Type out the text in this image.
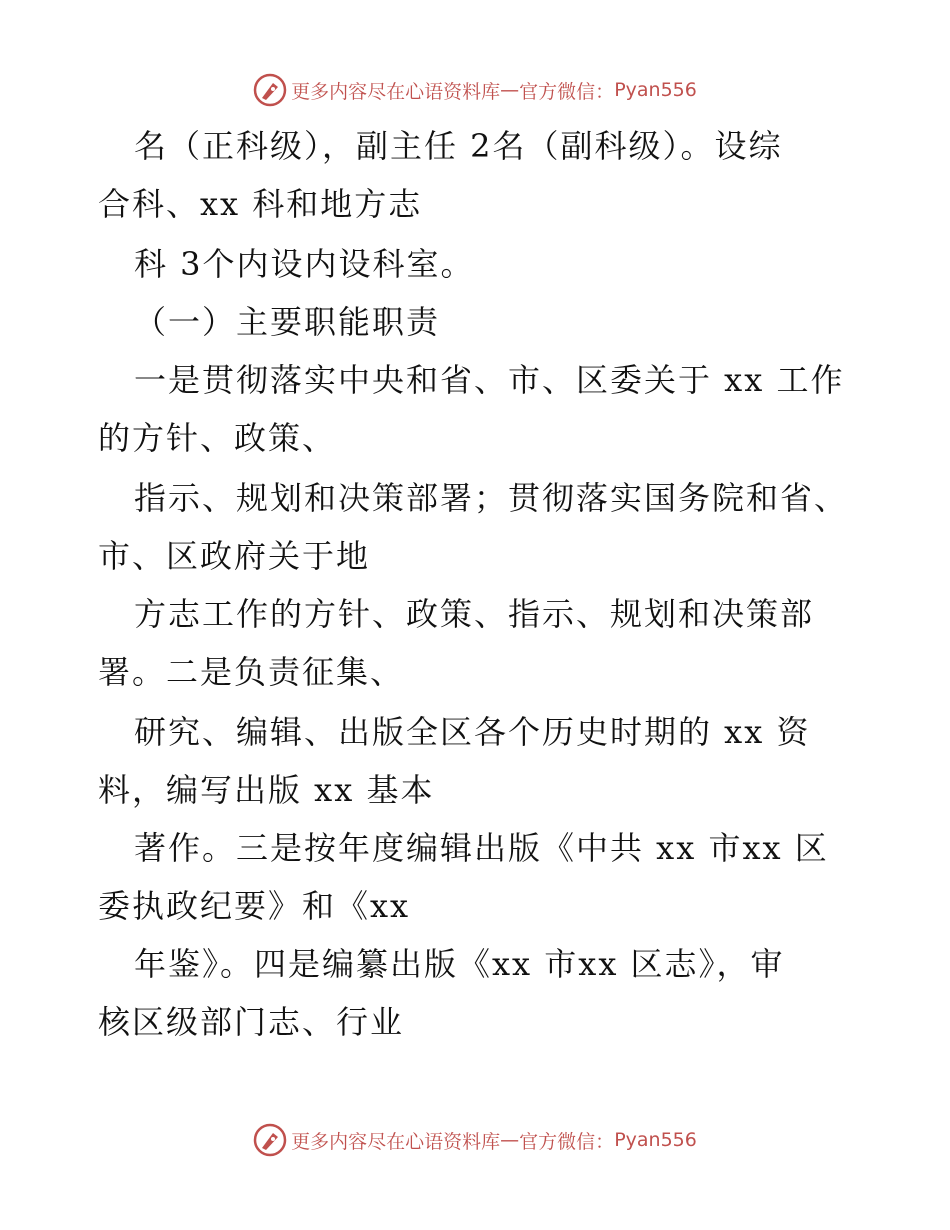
更多内容尽在心语资料库 — 官方微信： Pyan556
名（正科级），副主任 2名（副科级）。设综
合科、xx 科和地方志
科 3个内设内设科室。
（一）主要职能职责
一是贯彻落实中央和省、市、区委关于 xx 工作
的方针、政策、
指示、规划和决策部署；贯彻落实国务院和省、
市、区政府关于地
方志工作的方针、政策、指示、规划和决策部
署。二是负责征集、
研究、编辑、出版全区各个历史时期的 xx 资
料，编写出版 xx 基本
著作。三是按年度编辑出版《中共 xx 市xx 区
委执政纪要》和《xx
年鉴》。四是编纂出版《xx 市xx 区志》，审
核区级部门志、行业
更多内容尽在心语资料库 — 官方微信： Pyan556
